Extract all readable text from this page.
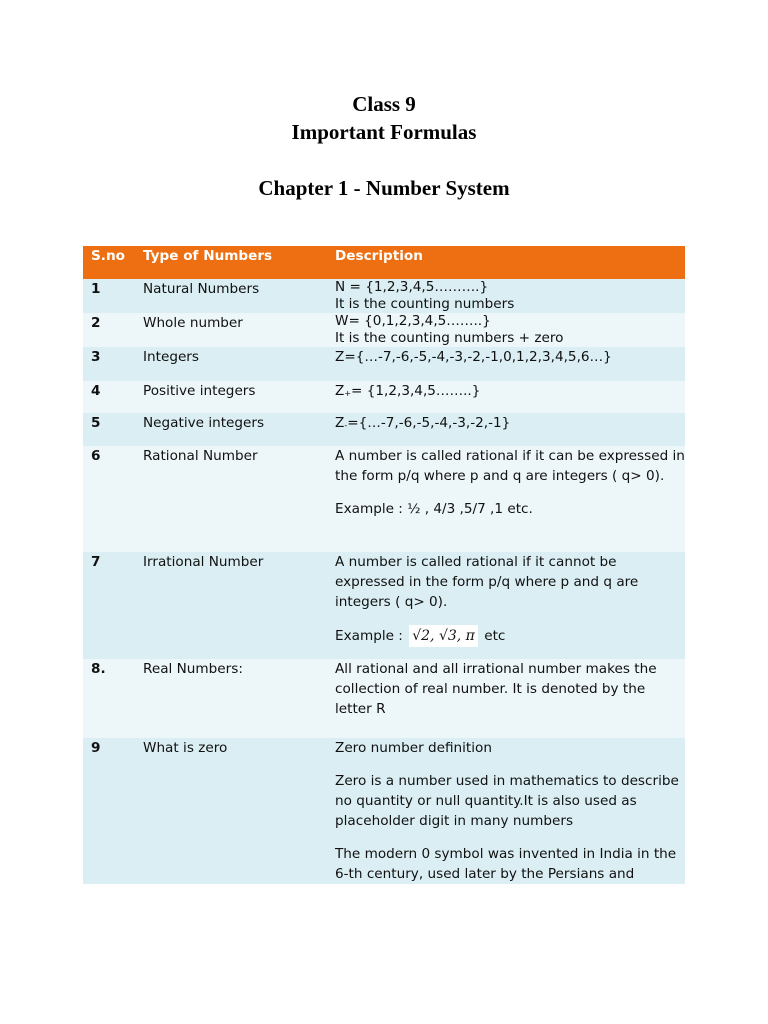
Class 9
Important Formulas
Chapter 1 - Number System
S.no	Type of Numbers	Description
1	Natural Numbers	N = {1,2,3,4,5……….}
It is the counting numbers

2	Whole number	W= {0,1,2,3,4,5……..}
It is the counting numbers + zero

3	Integers	Z={…-7,-6,-5,-4,-3,-2,-1,0,1,2,3,4,5,6…}
4	Positive integers	Z+= {1,2,3,4,5……..}
5	Negative integers	Z-={…-7,-6,-5,-4,-3,-2,-1}
6	Rational Number	A number is called rational if it can be expressed in the form p/q where p and q are integers ( q> 0).

Example : ½ , 4/3 ,5/7 ,1 etc.

7	Irrational Number	A number is called rational if it cannot be expressed in the form p/q where p and q are integers ( q> 0).

Example : √2, √3, π etc

8.	Real Numbers:	All rational and all irrational number makes the collection of real number. It is denoted by the letter R

9	What is zero	Zero number definition

Zero is a number used in mathematics to describe no quantity or null quantity.It is also used as placeholder digit in many numbers

The modern 0 symbol was invented in India in the 6-th century, used later by the Persians and
